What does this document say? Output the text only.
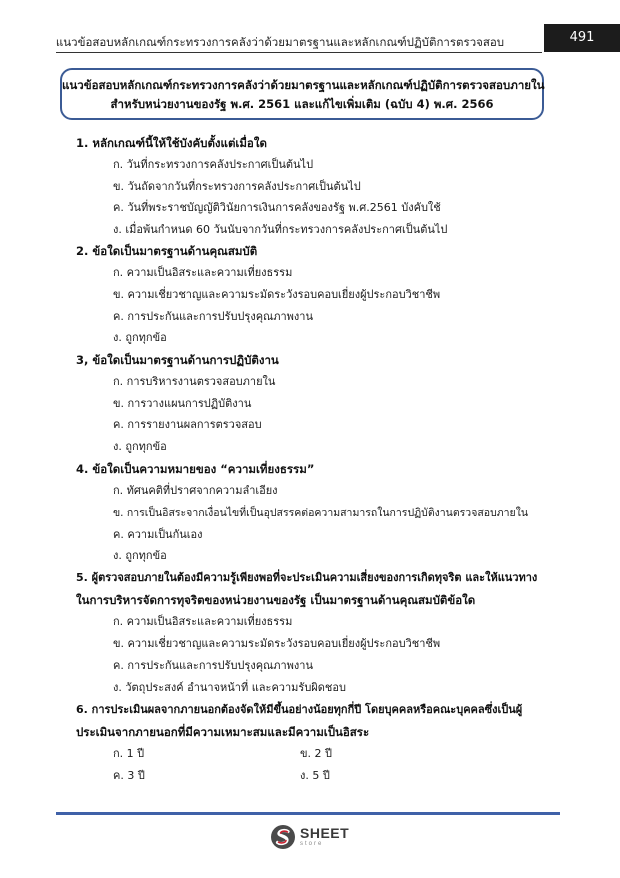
แนวข้อสอบหลักเกณฑ์กระทรวงการคลังว่าด้วยมาตรฐานและหลักเกณฑ์ปฏิบัติการตรวจสอบ	491
แนวข้อสอบหลักเกณฑ์กระทรวงการคลังว่าด้วยมาตรฐานและหลักเกณฑ์ปฏิบัติการตรวจสอบภายใน
สำหรับหน่วยงานของรัฐ พ.ศ. 2561 และแก้ไขเพิ่มเติม (ฉบับ 4) พ.ศ. 2566
1. หลักเกณฑ์นี้ให้ใช้บังคับตั้งแต่เมื่อใด
ก. วันที่กระทรวงการคลังประกาศเป็นต้นไป
ข. วันถัดจากวันที่กระทรวงการคลังประกาศเป็นต้นไป
ค. วันที่พระราชบัญญัติวินัยการเงินการคลังของรัฐ พ.ศ.2561 บังคับใช้
ง. เมื่อพ้นกำหนด 60 วันนับจากวันที่กระทรวงการคลังประกาศเป็นต้นไป
2. ข้อใดเป็นมาตรฐานด้านคุณสมบัติ
ก. ความเป็นอิสระและความเที่ยงธรรม
ข. ความเชี่ยวชาญและความระมัดระวังรอบคอบเยี่ยงผู้ประกอบวิชาชีพ
ค. การประกันและการปรับปรุงคุณภาพงาน
ง. ถูกทุกข้อ
3, ข้อใดเป็นมาตรฐานด้านการปฏิบัติงาน
ก. การบริหารงานตรวจสอบภายใน
ข. การวางแผนการปฏิบัติงาน
ค. การรายงานผลการตรวจสอบ
ง. ถูกทุกข้อ
4. ข้อใดเป็นความหมายของ “ความเที่ยงธรรม”
ก. ทัศนคติที่ปราศจากความลำเอียง
ข. การเป็นอิสระจากเงื่อนไขที่เป็นอุปสรรคต่อความสามารถในการปฏิบัติงานตรวจสอบภายใน
ค. ความเป็นกันเอง
ง. ถูกทุกข้อ
5. ผู้ตรวจสอบภายในต้องมีความรู้เพียงพอที่จะประเมินความเสี่ยงของการเกิดทุจริต และให้แนวทาง
ในการบริหารจัดการทุจริตของหน่วยงานของรัฐ เป็นมาตรฐานด้านคุณสมบัติข้อใด
ก. ความเป็นอิสระและความเที่ยงธรรม
ข. ความเชี่ยวชาญและความระมัดระวังรอบคอบเยี่ยงผู้ประกอบวิชาชีพ
ค. การประกันและการปรับปรุงคุณภาพงาน
ง. วัตถุประสงค์ อำนาจหน้าที่ และความรับผิดชอบ
6. การประเมินผลจากภายนอกต้องจัดให้มีขึ้นอย่างน้อยทุกกี่ปี โดยบุคคลหรือคณะบุคคลซึ่งเป็นผู้
ประเมินจากภายนอกที่มีความเหมาะสมและมีความเป็นอิสระ
ก. 1 ปี	ข. 2 ปี
ค. 3 ปี	ง. 5 ปี
SHEET
store
